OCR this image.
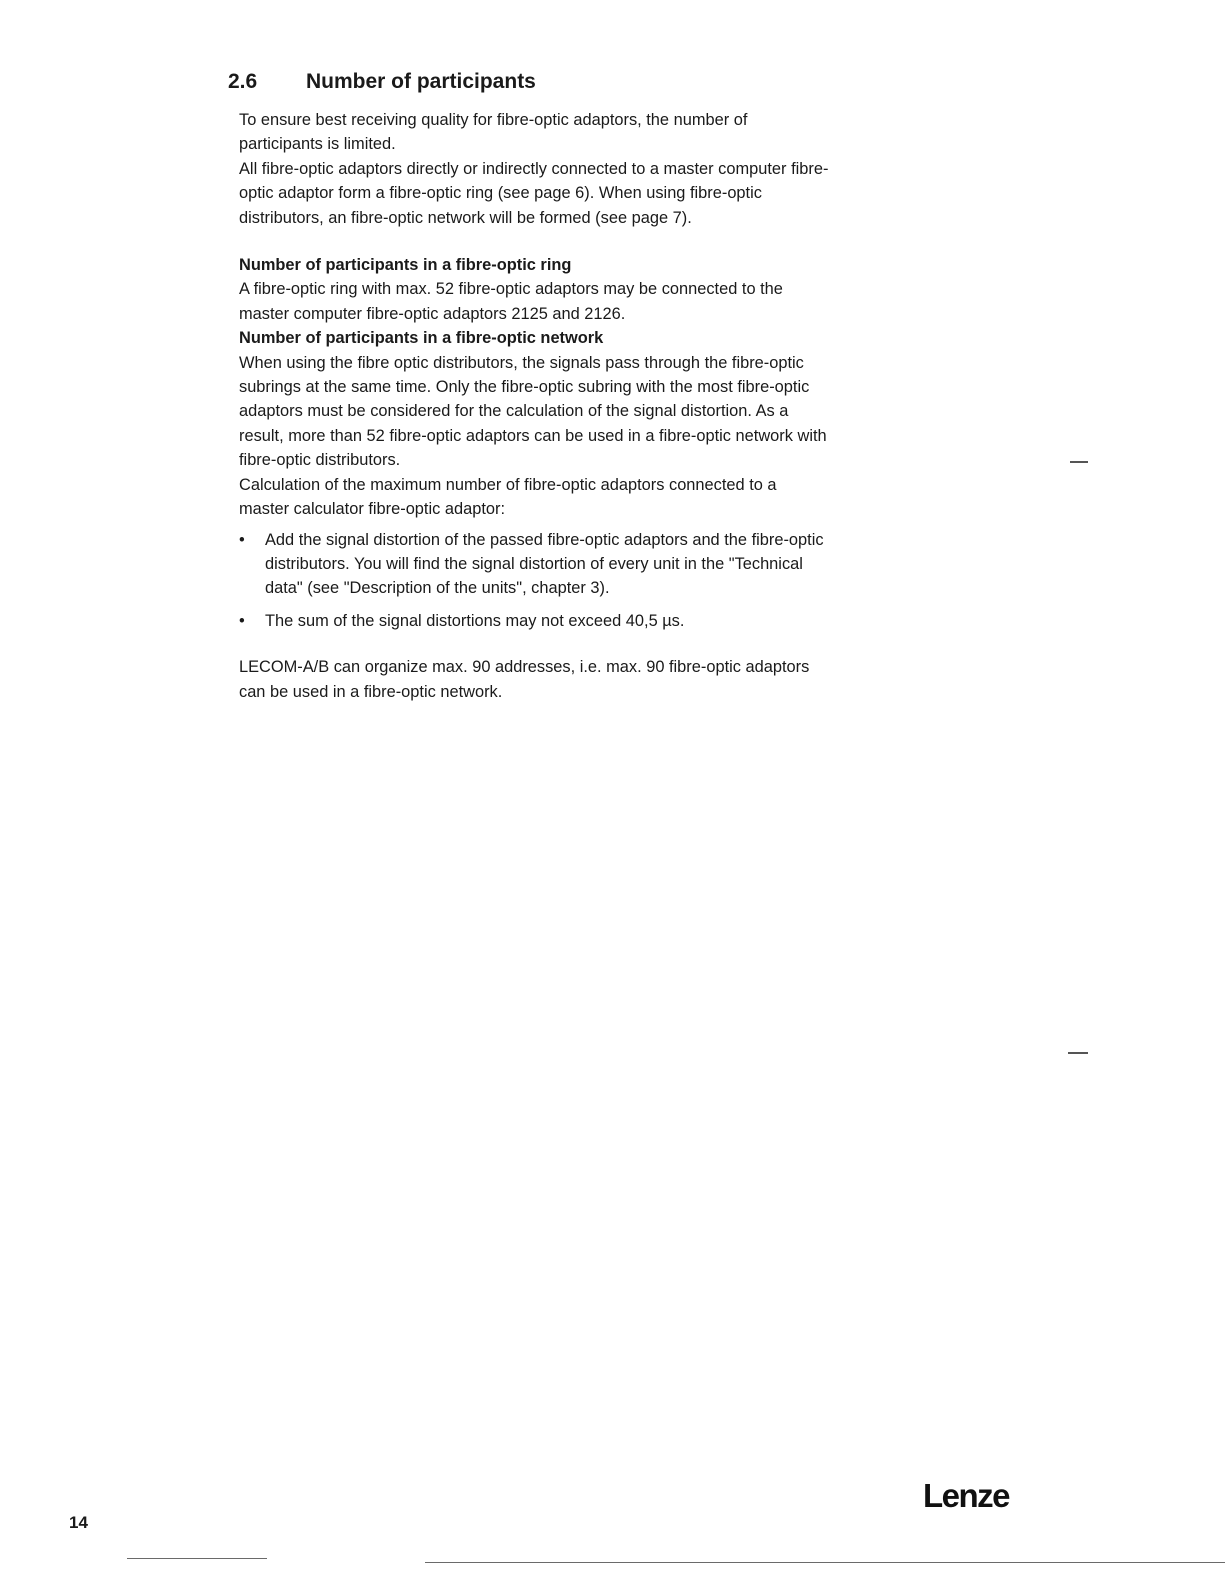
2.6 Number of participants

To ensure best receiving quality for fibre-optic adaptors, the number of participants is limited.

All fibre-optic adaptors directly or indirectly connected to a master computer fibre-optic adaptor form a fibre-optic ring (see page 6). When using fibre-optic distributors, an fibre-optic network will be formed (see page 7).

Number of participants in a fibre-optic ring

A fibre-optic ring with max. 52 fibre-optic adaptors may be connected to the master computer fibre-optic adaptors 2125 and 2126.

Number of participants in a fibre-optic network

When using the fibre optic distributors, the signals pass through the fibre-optic subrings at the same time. Only the fibre-optic subring with the most fibre-optic adaptors must be considered for the calculation of the signal distortion. As a result, more than 52 fibre-optic adaptors can be used in a fibre-optic network with fibre-optic distributors.

Calculation of the maximum number of fibre-optic adaptors connected to a master calculator fibre-optic adaptor:

• Add the signal distortion of the passed fibre-optic adaptors and the fibre-optic distributors. You will find the signal distortion of every unit in the "Technical data" (see "Description of the units", chapter 3).
• The sum of the signal distortions may not exceed 40,5 µs.

LECOM-A/B can organize max. 90 addresses, i.e. max. 90 fibre-optic adaptors can be used in a fibre-optic network.

14
Lenze
